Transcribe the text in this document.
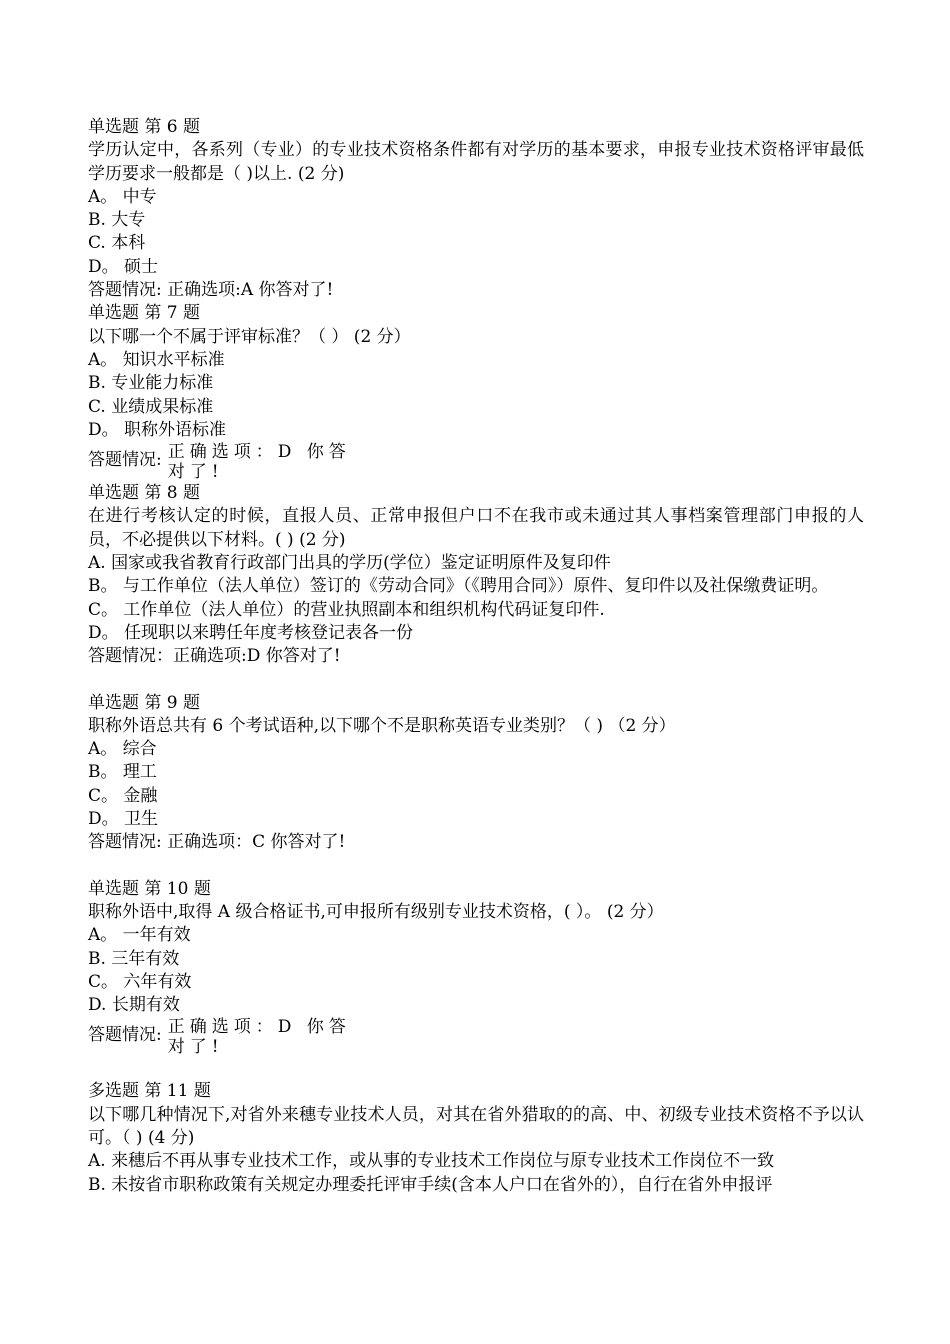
单选题 第 6 题
学历认定中，各系列（专业）的专业技术资格条件都有对学历的基本要求，申报专业技术资格评审最低学历要求一般都是（ )以上. (2 分)
A。 中专
B. 大专
C. 本科
D。 硕士
答题情况: 正确选项:A 你答对了!
单选题 第 7 题
以下哪一个不属于评审标准？（ ） (2 分）
A。 知识水平标准
B. 专业能力标准
C. 业绩成果标准
D。 职称外语标准
答题情况: 正确选项：D 你答对了!
单选题 第 8 题
在进行考核认定的时候，直报人员、正常申报但户口不在我市或未通过其人事档案管理部门申报的人员，不必提供以下材料。( ) (2 分)
A. 国家或我省教育行政部门出具的学历(学位）鉴定证明原件及复印件
B。 与工作单位（法人单位）签订的《劳动合同》（《聘用合同》）原件、复印件以及社保缴费证明。
C。 工作单位（法人单位）的营业执照副本和组织机构代码证复印件.
D。 任现职以来聘任年度考核登记表各一份
答题情况：正确选项:D 你答对了!
单选题 第 9 题
职称外语总共有 6 个考试语种,以下哪个不是职称英语专业类别？（ ) （2 分）
A。 综合
B。 理工
C。 金融
D。 卫生
答题情况: 正确选项：C 你答对了!
单选题 第 10 题
职称外语中,取得 A 级合格证书,可申报所有级别专业技术资格，( ）。 (2 分）
A。 一年有效
B. 三年有效
C。 六年有效
D. 长期有效
答题情况: 正确选项：D 你答对了!
多选题 第 11 题
以下哪几种情况下,对省外来穗专业技术人员，对其在省外猎取的的高、中、初级专业技术资格不予以认可。（ ) (4 分)
A. 来穗后不再从事专业技术工作，或从事的专业技术工作岗位与原专业技术工作岗位不一致
B. 未按省市职称政策有关规定办理委托评审手续(含本人户口在省外的），自行在省外申报评
